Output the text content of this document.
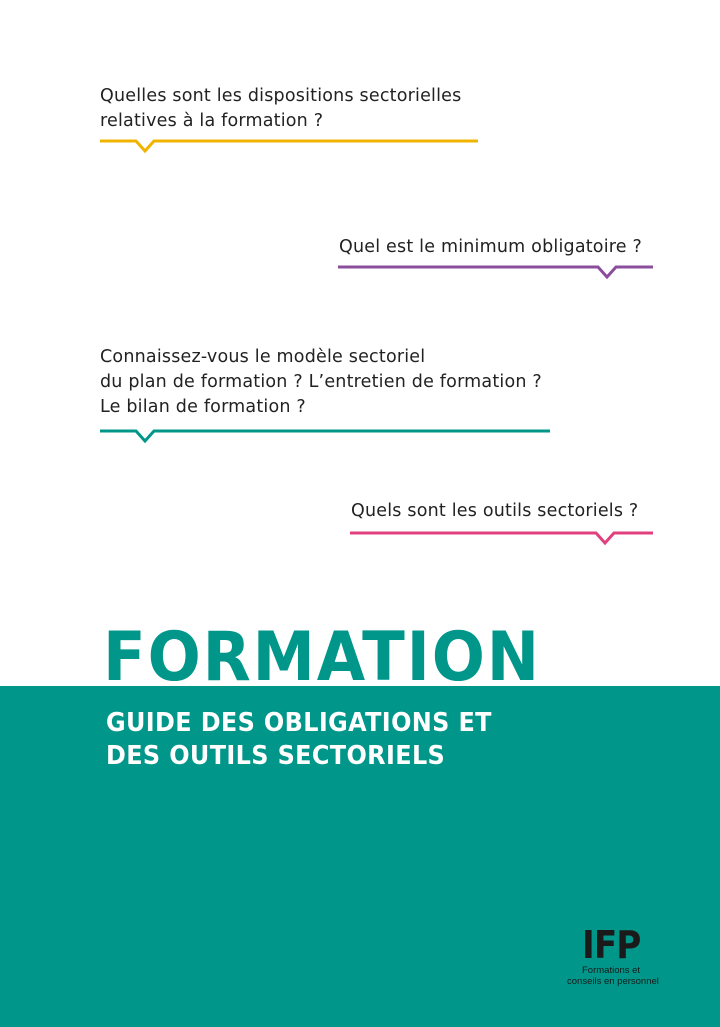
Quelles sont les dispositions sectorielles
relatives à la formation ?
Quel est le minimum obligatoire ?
Connaissez-vous le modèle sectoriel
du plan de formation ? L’entretien de formation ?
Le bilan de formation ?
Quels sont les outils sectoriels ?
FORMATION
GUIDE DES OBLIGATIONS ET
DES OUTILS SECTORIELS
IFP
Formations et
conseils en personnel
